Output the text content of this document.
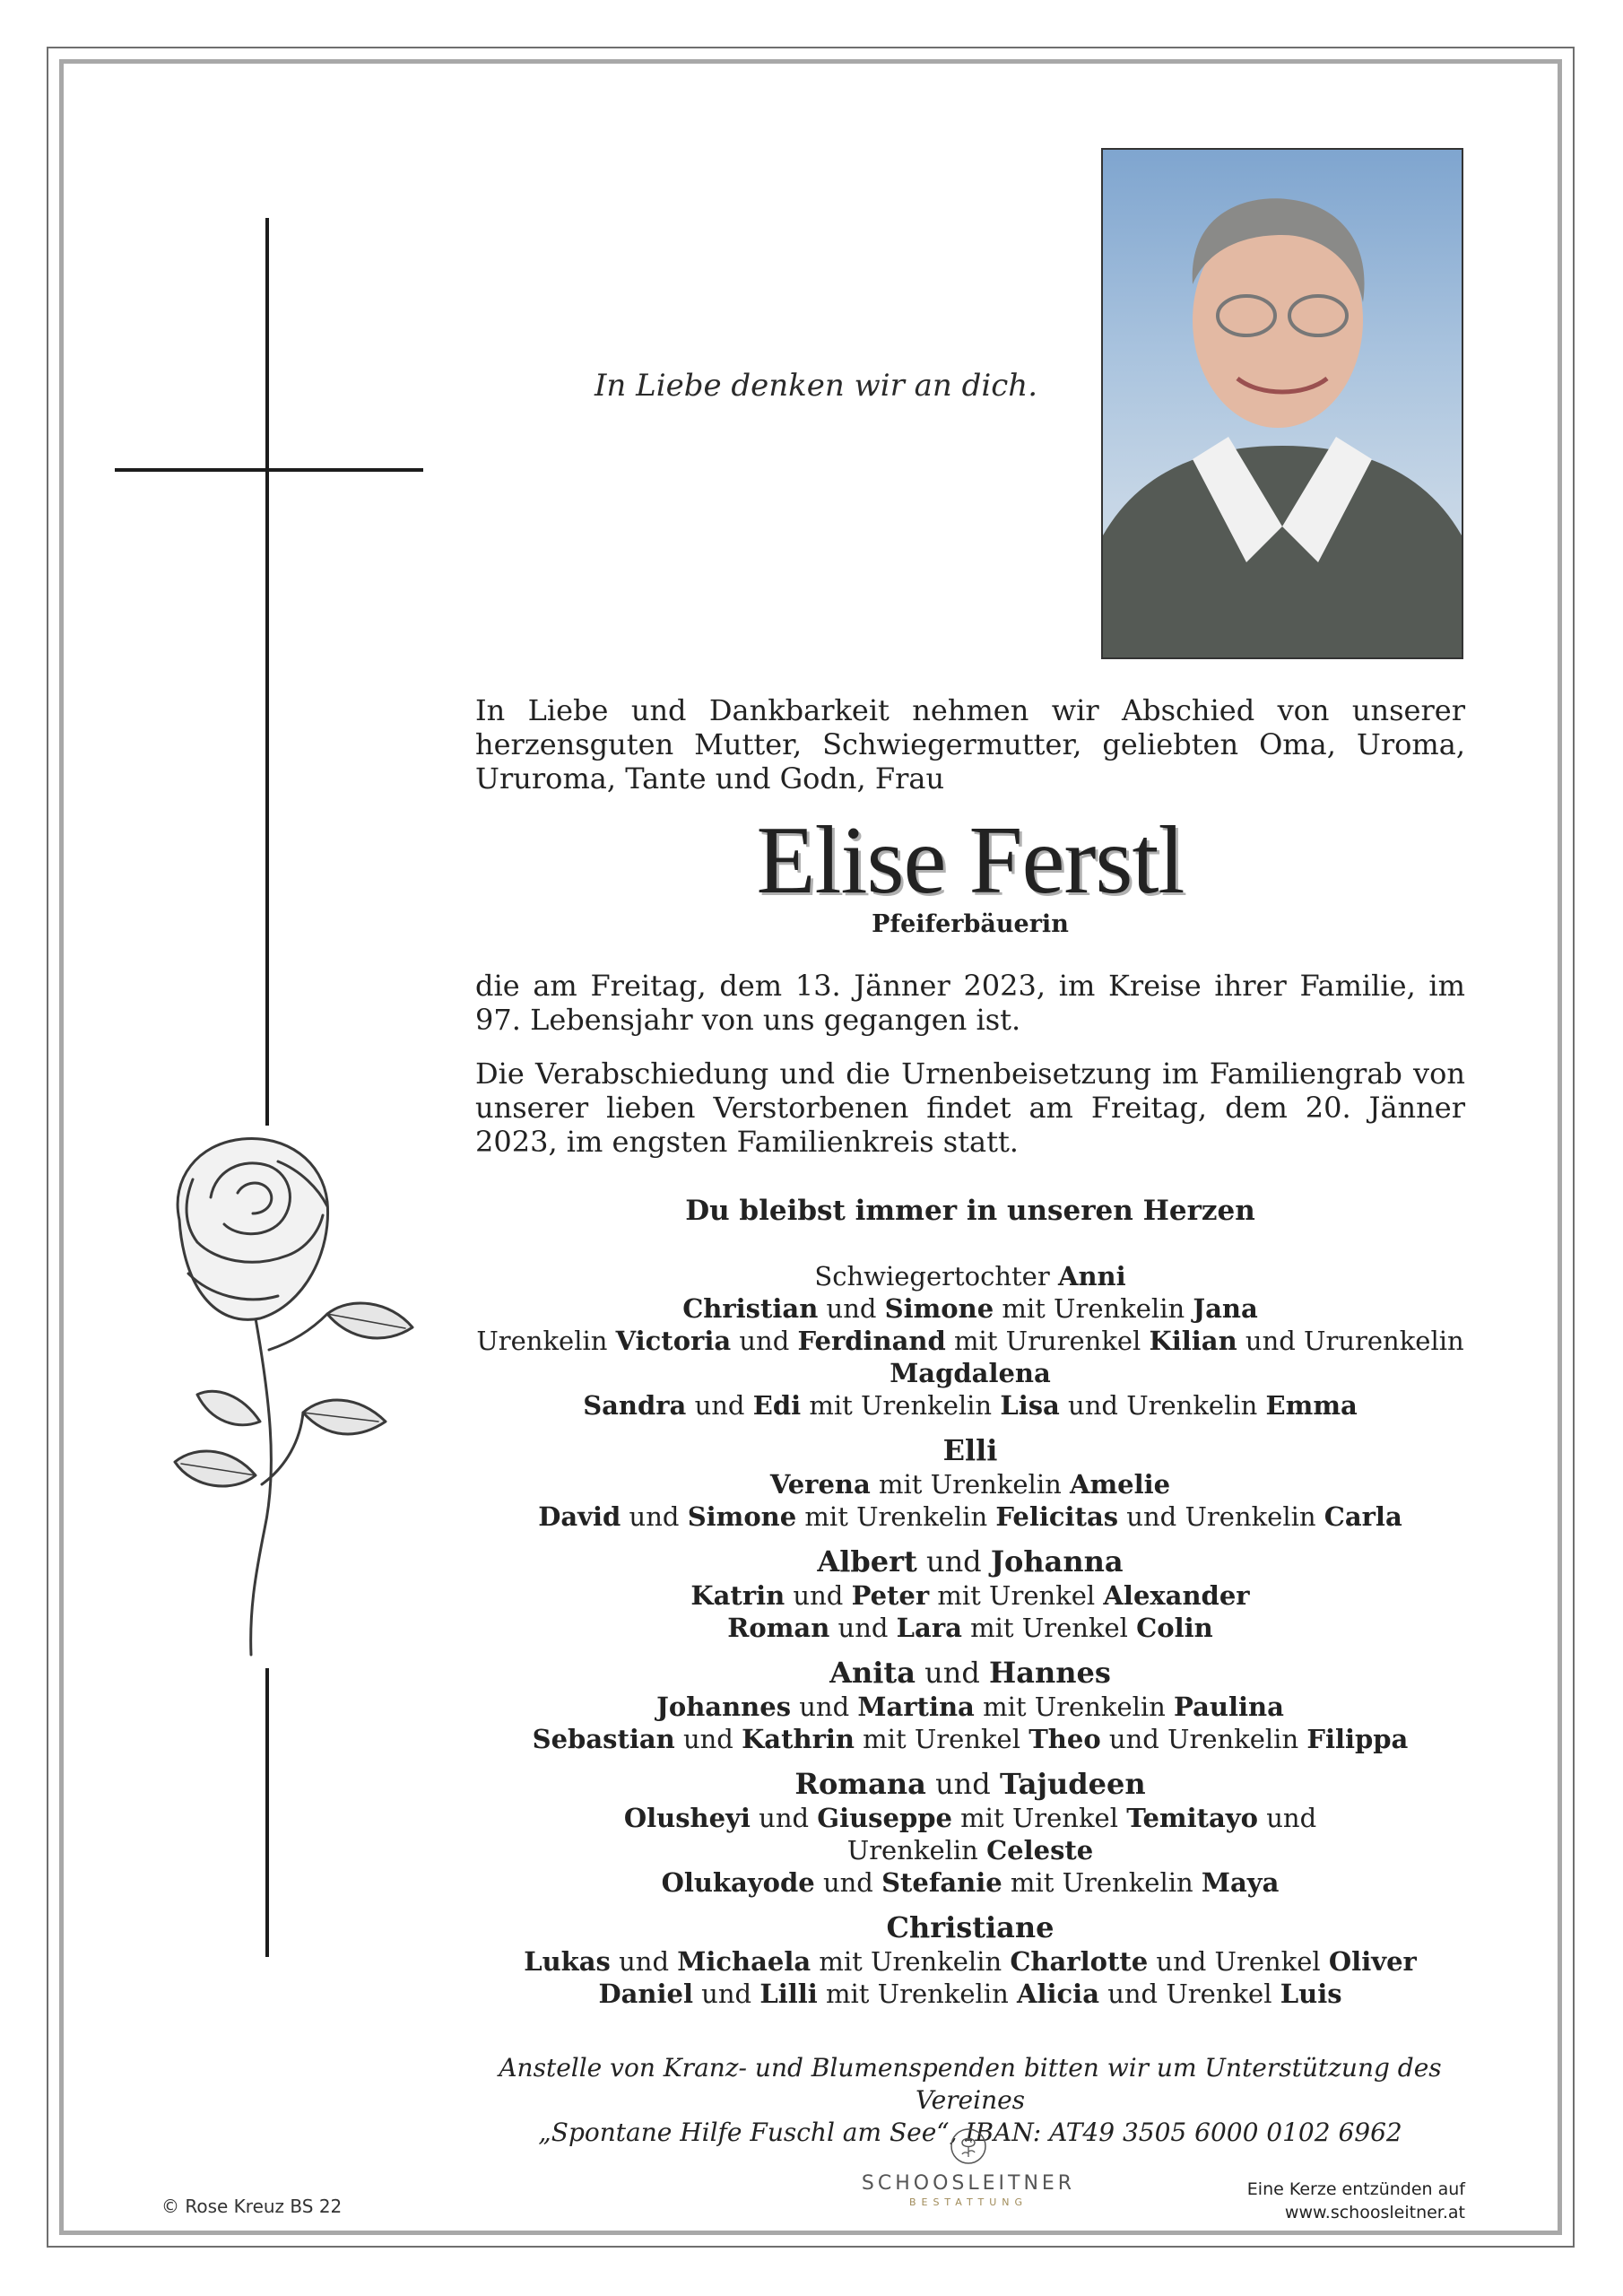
In Liebe denken wir an dich.
In Liebe und Dankbarkeit nehmen wir Abschied von unserer herzensguten Mutter, Schwiegermutter, geliebten Oma, Uroma, Ururoma, Tante und Godn, Frau
Elise Ferstl
Pfeiferbäuerin
die am Freitag, dem 13. Jänner 2023, im Kreise ihrer Familie, im 97. Lebensjahr von uns gegangen ist.
Die Verabschiedung und die Urnenbeisetzung im Familiengrab von unserer lieben Verstorbenen findet am Freitag, dem 20. Jänner 2023, im engsten Familienkreis statt.
Du bleibst immer in unseren Herzen
Schwiegertochter Anni
Christian und Simone mit Urenkelin Jana
Urenkelin Victoria und Ferdinand mit Ururenkel Kilian und Ururenkelin
Magdalena
Sandra und Edi mit Urenkelin Lisa und Urenkelin Emma
Elli
Verena mit Urenkelin Amelie
David und Simone mit Urenkelin Felicitas und Urenkelin Carla
Albert und Johanna
Katrin und Peter mit Urenkel Alexander
Roman und Lara mit Urenkel Colin
Anita und Hannes
Johannes und Martina mit Urenkelin Paulina
Sebastian und Kathrin mit Urenkel Theo und Urenkelin Filippa
Romana und Tajudeen
Olusheyi und Giuseppe mit Urenkel Temitayo und
Urenkelin Celeste
Olukayode und Stefanie mit Urenkelin Maya
Christiane
Lukas und Michaela mit Urenkelin Charlotte und Urenkel Oliver
Daniel und Lilli mit Urenkelin Alicia und Urenkel Luis
Anstelle von Kranz- und Blumenspenden bitten wir um Unterstützung des Vereines
„Spontane Hilfe Fuschl am See“, IBAN: AT49 3505 6000 0102 6962
© Rose Kreuz BS 22
SCHOOSLEITNER
BESTATTUNG
Eine Kerze entzünden auf
www.schoosleitner.at
